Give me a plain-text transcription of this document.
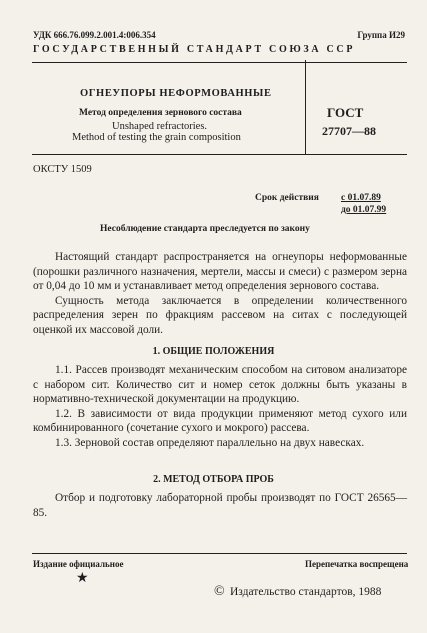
УДК 666.76.099.2.001.4:006.354	Группа И29
ГОСУДАРСТВЕННЫЙ СТАНДАРТ СОЮЗА ССР
ОГНЕУПОРЫ НЕФОРМОВАННЫЕ
Метод определения зернового состава
Unshaped refractories.
Method of testing the grain composition
ГОСТ
27707—88
ОКСТУ 1509
Срок действия с 01.07.89
до 01.07.99
Несоблюдение стандарта преследуется по закону

Настоящий стандарт распространяется на огнеупоры неформованные (порошки различного назначения, мертели, массы и смеси) с размером зерна от 0,04 до 10 мм и устанавливает метод определения зернового состава.

Сущность метода заключается в определении количественного распределения зерен по фракциям рассевом на ситах с последующей оценкой их массовой доли.

1. ОБЩИЕ ПОЛОЖЕНИЯ

1.1. Рассев производят механическим способом на ситовом анализаторе с набором сит. Количество сит и номер сеток должны быть указаны в нормативно-технической документации на продукцию.

1.2. В зависимости от вида продукции применяют метод сухого или комбинированного (сочетание сухого и мокрого) рассева.

1.3. Зерновой состав определяют параллельно на двух навесках.

2. МЕТОД ОТБОРА ПРОБ

Отбор и подготовку лабораторной пробы производят по ГОСТ 26565—85.

Издание официальное	Перепечатка воспрещена
★
© Издательство стандартов, 1988
